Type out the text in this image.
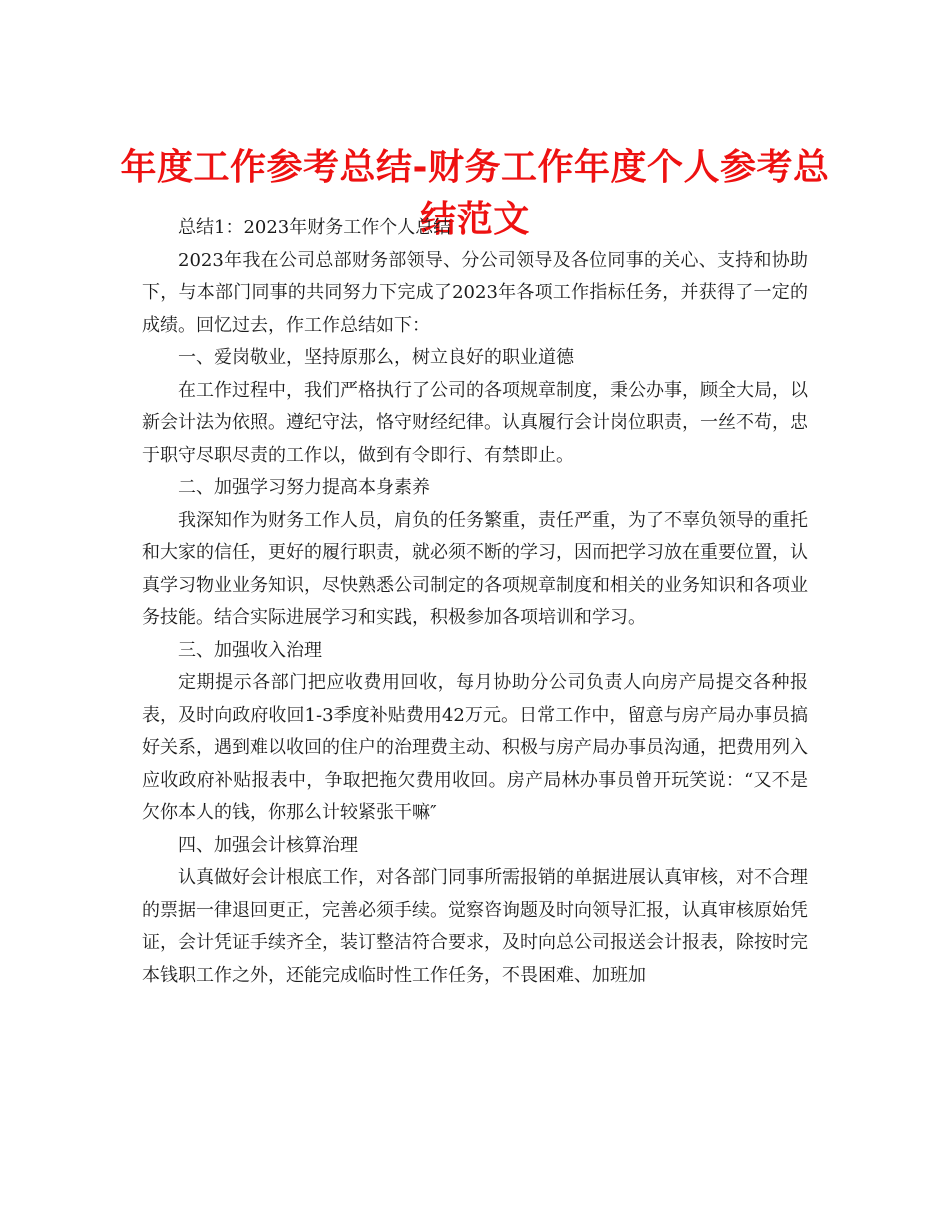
年度工作参考总结-财务工作年度个人参考总结范文

总结1：2023年财务工作个人总结

2023年我在公司总部财务部领导、分公司领导及各位同事的关心、支持和协助下，与本部门同事的共同努力下完成了2023年各项工作指标任务，并获得了一定的成绩。回忆过去，作工作总结如下：

一、爱岗敬业，坚持原那么，树立良好的职业道德

在工作过程中，我们严格执行了公司的各项规章制度，秉公办事，顾全大局，以新会计法为依照。遵纪守法，恪守财经纪律。认真履行会计岗位职责，一丝不苟，忠于职守尽职尽责的工作以，做到有令即行、有禁即止。

二、加强学习努力提高本身素养

我深知作为财务工作人员，肩负的任务繁重，责任严重，为了不辜负领导的重托和大家的信任，更好的履行职责，就必须不断的学习，因而把学习放在重要位置，认真学习物业业务知识，尽快熟悉公司制定的各项规章制度和相关的业务知识和各项业务技能。结合实际进展学习和实践，积极参加各项培训和学习。

三、加强收入治理

定期提示各部门把应收费用回收，每月协助分公司负责人向房产局提交各种报表，及时向政府收回1-3季度补贴费用42万元。日常工作中，留意与房产局办事员搞好关系，遇到难以收回的住户的治理费主动、积极与房产局办事员沟通，把费用列入应收政府补贴报表中，争取把拖欠费用收回。房产局林办事员曾开玩笑说：“又不是欠你本人的钱，你那么计较紧张干嘛″

四、加强会计核算治理

认真做好会计根底工作，对各部门同事所需报销的单据进展认真审核，对不合理的票据一律退回更正，完善必须手续。觉察咨询题及时向领导汇报，认真审核原始凭证，会计凭证手续齐全，装订整洁符合要求，及时向总公司报送会计报表，除按时完本钱职工作之外，还能完成临时性工作任务，不畏困难、加班加
